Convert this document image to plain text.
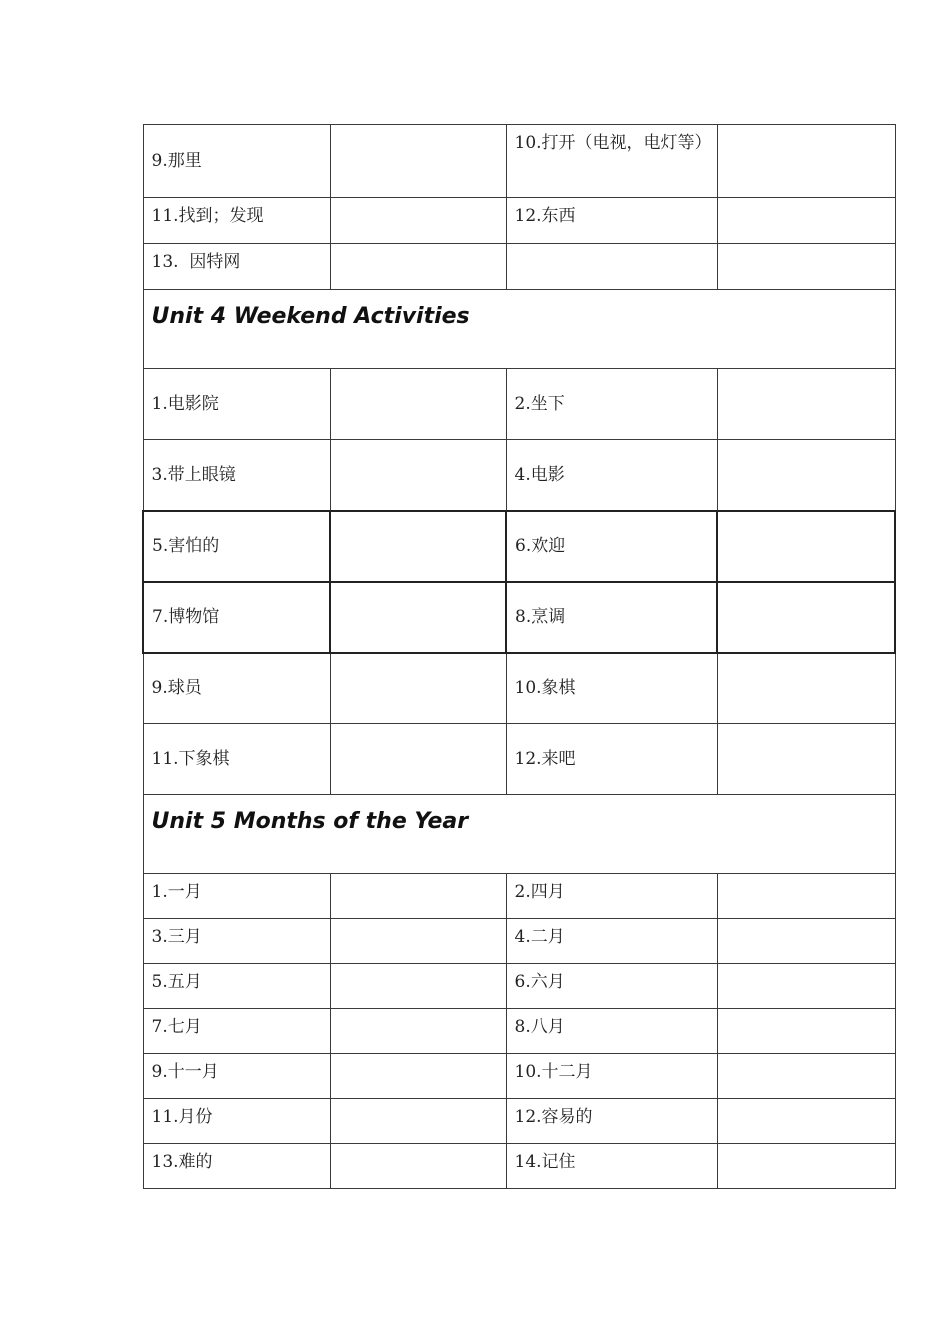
9.那里		10.打开（电视，电灯等）	
11.找到；发现		12.东西	
13.  因特网			
Unit 4 Weekend Activities			
1.电影院		2.坐下	
3.带上眼镜		4.电影	
5.害怕的		6.欢迎	
7.博物馆		8.烹调	
9.球员		10.象棋	
11.下象棋		12.来吧	
Unit 5 Months of the Year			
1.一月		2.四月	
3.三月		4.二月	
5.五月		6.六月	
7.七月		8.八月	
9.十一月		10.十二月	
11.月份		12.容易的	
13.难的		14.记住	
